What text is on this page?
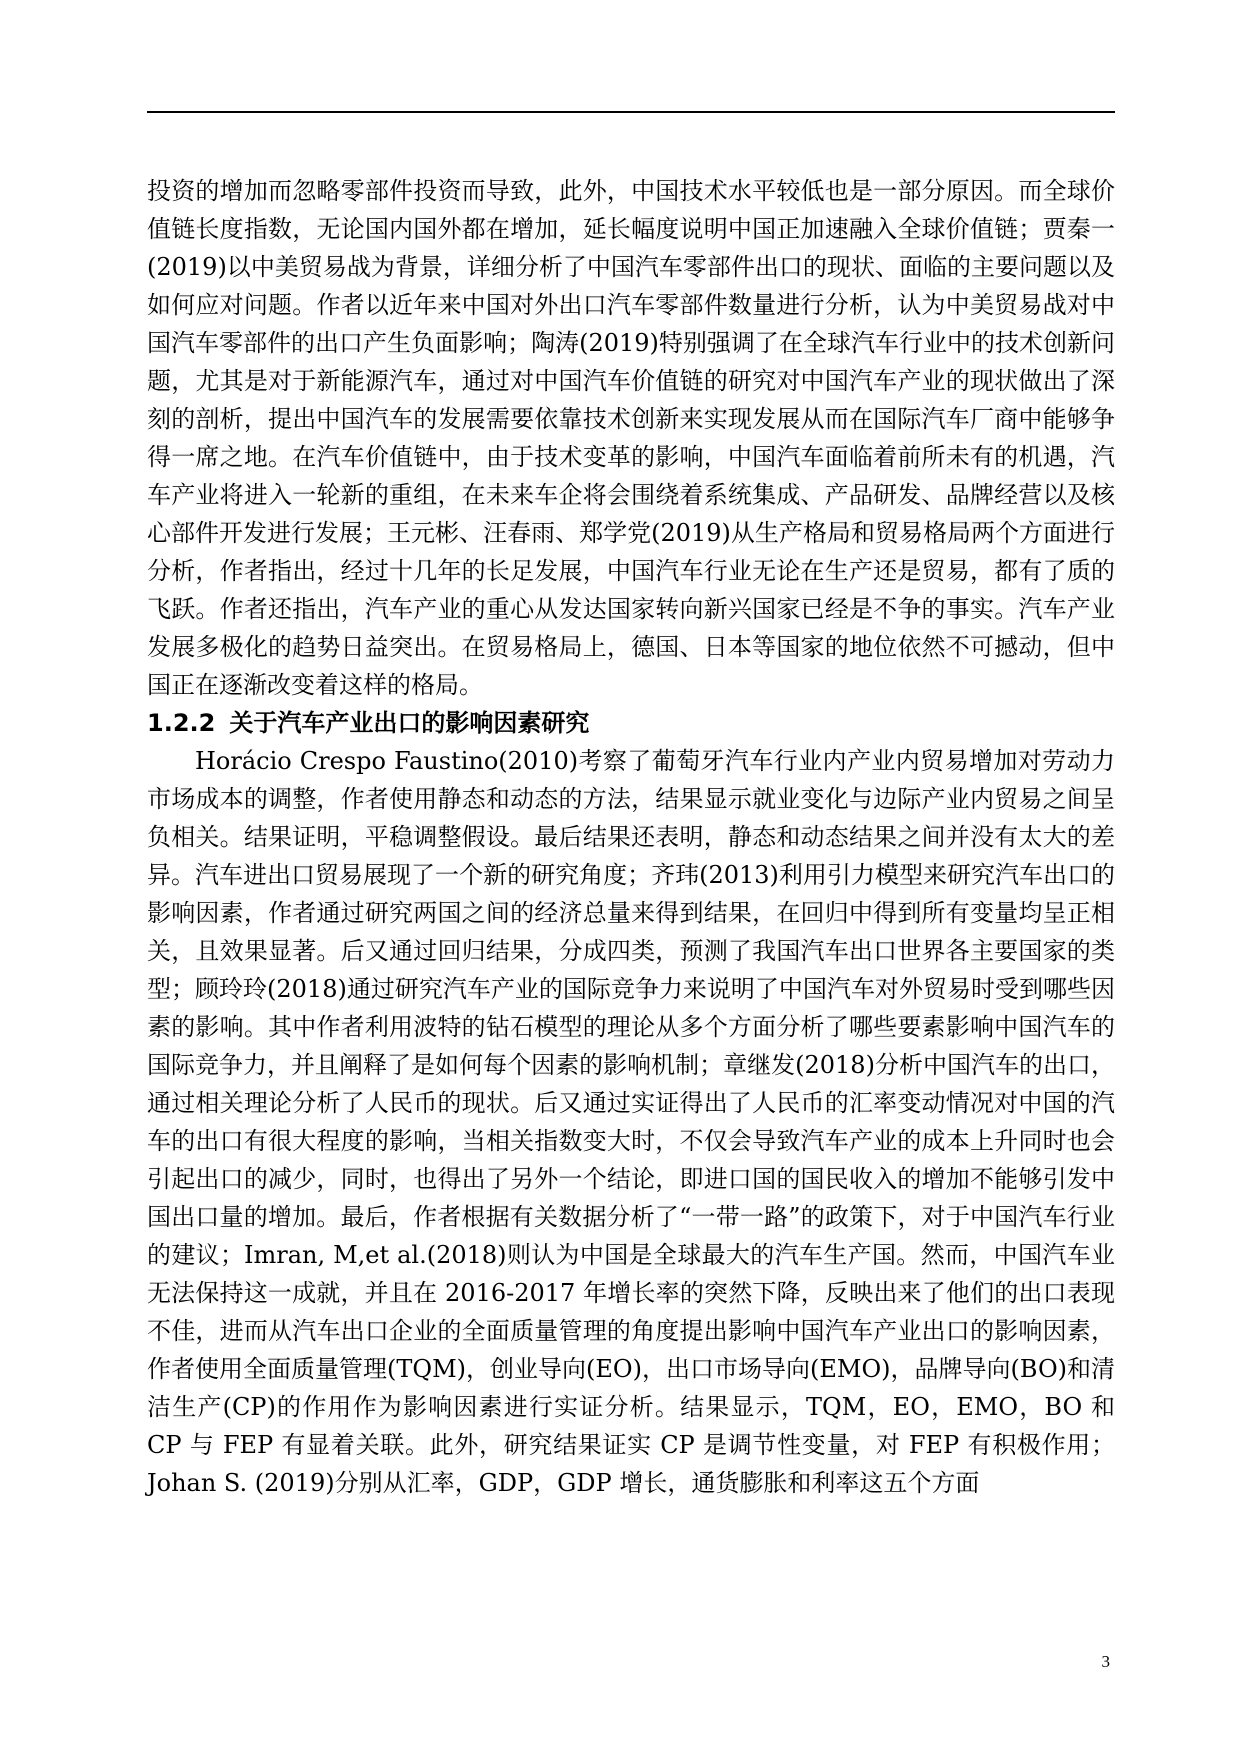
投资的增加而忽略零部件投资而导致，此外，中国技术水平较低也是一部分原因。而全球价值链长度指数，无论国内国外都在增加，延长幅度说明中国正加速融入全球价值链；贾秦一(2019)以中美贸易战为背景，详细分析了中国汽车零部件出口的现状、面临的主要问题以及如何应对问题。作者以近年来中国对外出口汽车零部件数量进行分析，认为中美贸易战对中国汽车零部件的出口产生负面影响；陶涛(2019)特别强调了在全球汽车行业中的技术创新问题，尤其是对于新能源汽车，通过对中国汽车价值链的研究对中国汽车产业的现状做出了深刻的剖析，提出中国汽车的发展需要依靠技术创新来实现发展从而在国际汽车厂商中能够争得一席之地。在汽车价值链中，由于技术变革的影响，中国汽车面临着前所未有的机遇，汽车产业将进入一轮新的重组，在未来车企将会围绕着系统集成、产品研发、品牌经营以及核心部件开发进行发展；王元彬、汪春雨、郑学党(2019)从生产格局和贸易格局两个方面进行分析，作者指出，经过十几年的长足发展，中国汽车行业无论在生产还是贸易，都有了质的飞跃。作者还指出，汽车产业的重心从发达国家转向新兴国家已经是不争的事实。汽车产业发展多极化的趋势日益突出。在贸易格局上，德国、日本等国家的地位依然不可撼动，但中国正在逐渐改变着这样的格局。

1.2.2 关于汽车产业出口的影响因素研究

Horácio Crespo Faustino(2010)考察了葡萄牙汽车行业内产业内贸易增加对劳动力市场成本的调整，作者使用静态和动态的方法，结果显示就业变化与边际产业内贸易之间呈负相关。结果证明，平稳调整假设。最后结果还表明，静态和动态结果之间并没有太大的差异。汽车进出口贸易展现了一个新的研究角度；齐玮(2013)利用引力模型来研究汽车出口的影响因素，作者通过研究两国之间的经济总量来得到结果，在回归中得到所有变量均呈正相关，且效果显著。后又通过回归结果，分成四类，预测了我国汽车出口世界各主要国家的类型；顾玲玲(2018)通过研究汽车产业的国际竞争力来说明了中国汽车对外贸易时受到哪些因素的影响。其中作者利用波特的钻石模型的理论从多个方面分析了哪些要素影响中国汽车的国际竞争力，并且阐释了是如何每个因素的影响机制；章继发(2018)分析中国汽车的出口，通过相关理论分析了人民币的现状。后又通过实证得出了人民币的汇率变动情况对中国的汽车的出口有很大程度的影响，当相关指数变大时，不仅会导致汽车产业的成本上升同时也会引起出口的减少，同时，也得出了另外一个结论，即进口国的国民收入的增加不能够引发中国出口量的增加。最后，作者根据有关数据分析了“一带一路”的政策下，对于中国汽车行业的建议；Imran, M,et al.(2018)则认为中国是全球最大的汽车生产国。然而，中国汽车业无法保持这一成就，并且在 2016-2017 年增长率的突然下降，反映出来了他们的出口表现不佳，进而从汽车出口企业的全面质量管理的角度提出影响中国汽车产业出口的影响因素，作者使用全面质量管理(TQM)，创业导向(EO)，出口市场导向(EMO)，品牌导向(BO)和清洁生产(CP)的作用作为影响因素进行实证分析。结果显示，TQM，EO，EMO，BO 和 CP 与 FEP 有显着关联。此外，研究结果证实 CP 是调节性变量，对 FEP 有积极作用；Johan S. (2019)分别从汇率，GDP，GDP 增长，通货膨胀和利率这五个方面

3
